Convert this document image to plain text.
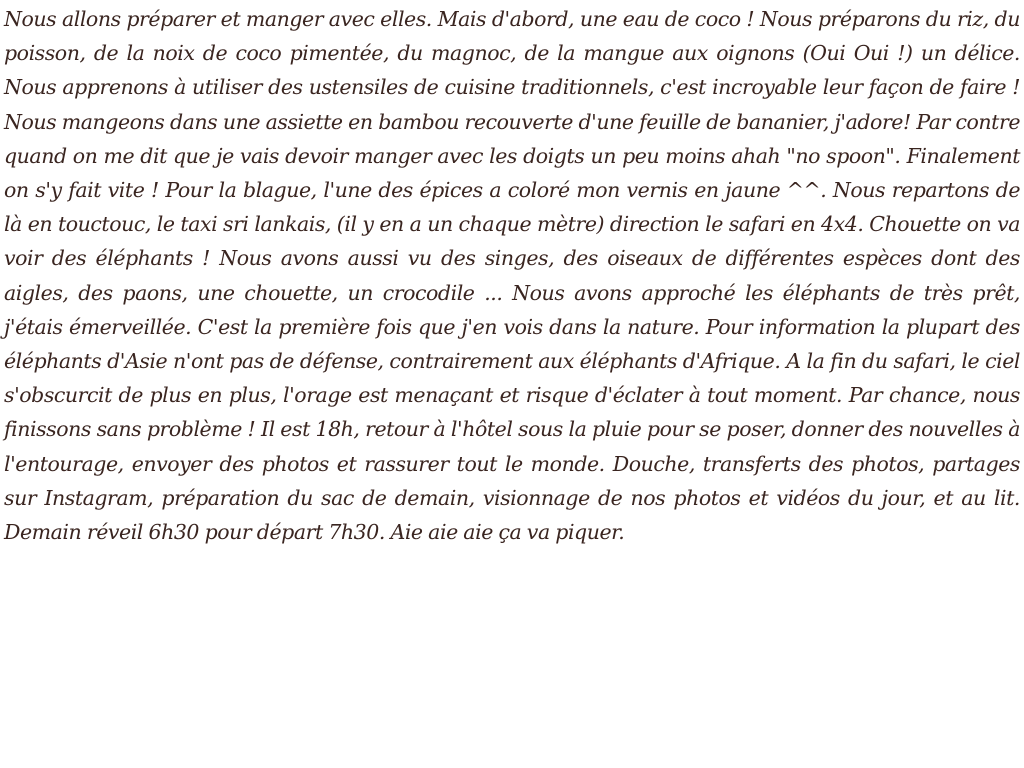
Nous allons préparer et manger avec elles. Mais d'abord, une eau de coco ! Nous préparons du riz, du poisson, de la noix de coco pimentée, du magnoc, de la mangue aux oignons (Oui Oui !) un délice. Nous apprenons à utiliser des ustensiles de cuisine traditionnels, c'est incroyable leur façon de faire ! Nous mangeons dans une assiette en bambou recouverte d'une feuille de bananier, j'adore! Par contre quand on me dit que je vais devoir manger avec les doigts un peu moins ahah "no spoon". Finalement on s'y fait vite ! Pour la blague, l'une des épices a coloré mon vernis en jaune ^^. Nous repartons de là en touctouc, le taxi sri lankais, (il y en a un chaque mètre) direction le safari en 4x4. Chouette on va voir des éléphants ! Nous avons aussi vu des singes, des oiseaux de différentes espèces dont des aigles, des paons, une chouette, un crocodile ... Nous avons approché les éléphants de très prêt, j'étais émerveillée. C'est la première fois que j'en vois dans la nature. Pour information la plupart des éléphants d'Asie n'ont pas de défense, contrairement aux éléphants d'Afrique. A la fin du safari, le ciel s'obscurcit de plus en plus, l'orage est menaçant et risque d'éclater à tout moment. Par chance, nous finissons sans problème ! Il est 18h, retour à l'hôtel sous la pluie pour se poser, donner des nouvelles à l'entourage, envoyer des photos et rassurer tout le monde. Douche, transferts des photos, partages sur Instagram, préparation du sac de demain, visionnage de nos photos et vidéos du jour, et au lit. Demain réveil 6h30 pour départ 7h30. Aie aie aie ça va piquer.
